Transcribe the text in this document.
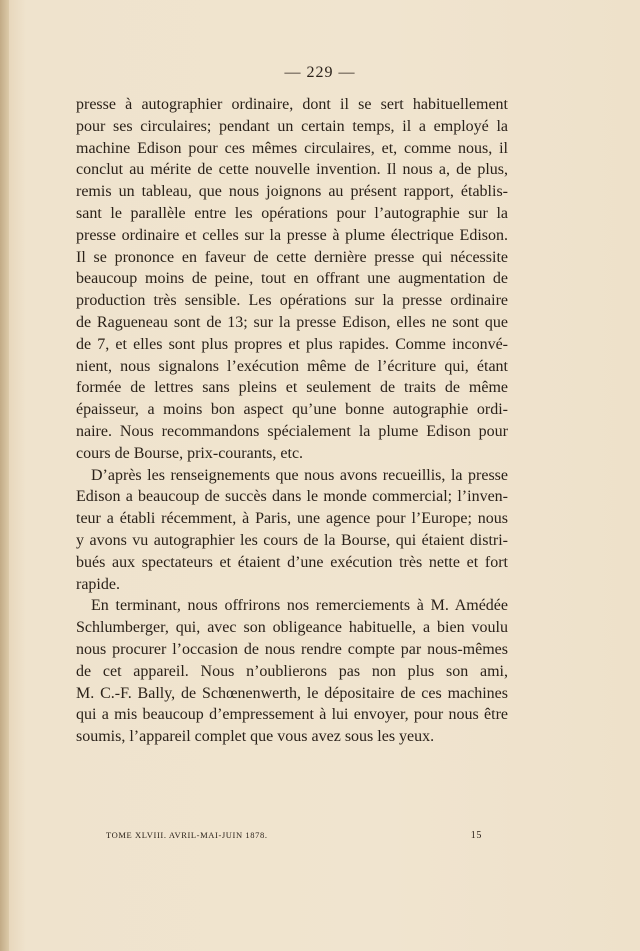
— 229 —
presse à autographier ordinaire, dont il se sert habituellement
pour ses circulaires; pendant un certain temps, il a employé la
machine Edison pour ces mêmes circulaires, et, comme nous, il
conclut au mérite de cette nouvelle invention. Il nous a, de plus,
remis un tableau, que nous joignons au présent rapport, établis-
sant le parallèle entre les opérations pour l’autographie sur la
presse ordinaire et celles sur la presse à plume électrique Edison.
Il se prononce en faveur de cette dernière presse qui nécessite
beaucoup moins de peine, tout en offrant une augmentation de
production très sensible. Les opérations sur la presse ordinaire
de Ragueneau sont de 13; sur la presse Edison, elles ne sont que
de 7, et elles sont plus propres et plus rapides. Comme inconvé-
nient, nous signalons l’exécution même de l’écriture qui, étant
formée de lettres sans pleins et seulement de traits de même
épaisseur, a moins bon aspect qu’une bonne autographie ordi-
naire. Nous recommandons spécialement la plume Edison pour
cours de Bourse, prix-courants, etc.
D’après les renseignements que nous avons recueillis, la presse
Edison a beaucoup de succès dans le monde commercial; l’inven-
teur a établi récemment, à Paris, une agence pour l’Europe; nous
y avons vu autographier les cours de la Bourse, qui étaient distri-
bués aux spectateurs et étaient d’une exécution très nette et fort
rapide.
En terminant, nous offrirons nos remerciements à M. Amédée
Schlumberger, qui, avec son obligeance habituelle, a bien voulu
nous procurer l’occasion de nous rendre compte par nous-mêmes
de cet appareil. Nous n’oublierons pas non plus son ami,
M. C.-F. Bally, de Schœnenwerth, le dépositaire de ces machines
qui a mis beaucoup d’empressement à lui envoyer, pour nous être
soumis, l’appareil complet que vous avez sous les yeux.
TOME XLVIII. AVRIL-MAI-JUIN 1878.	15
